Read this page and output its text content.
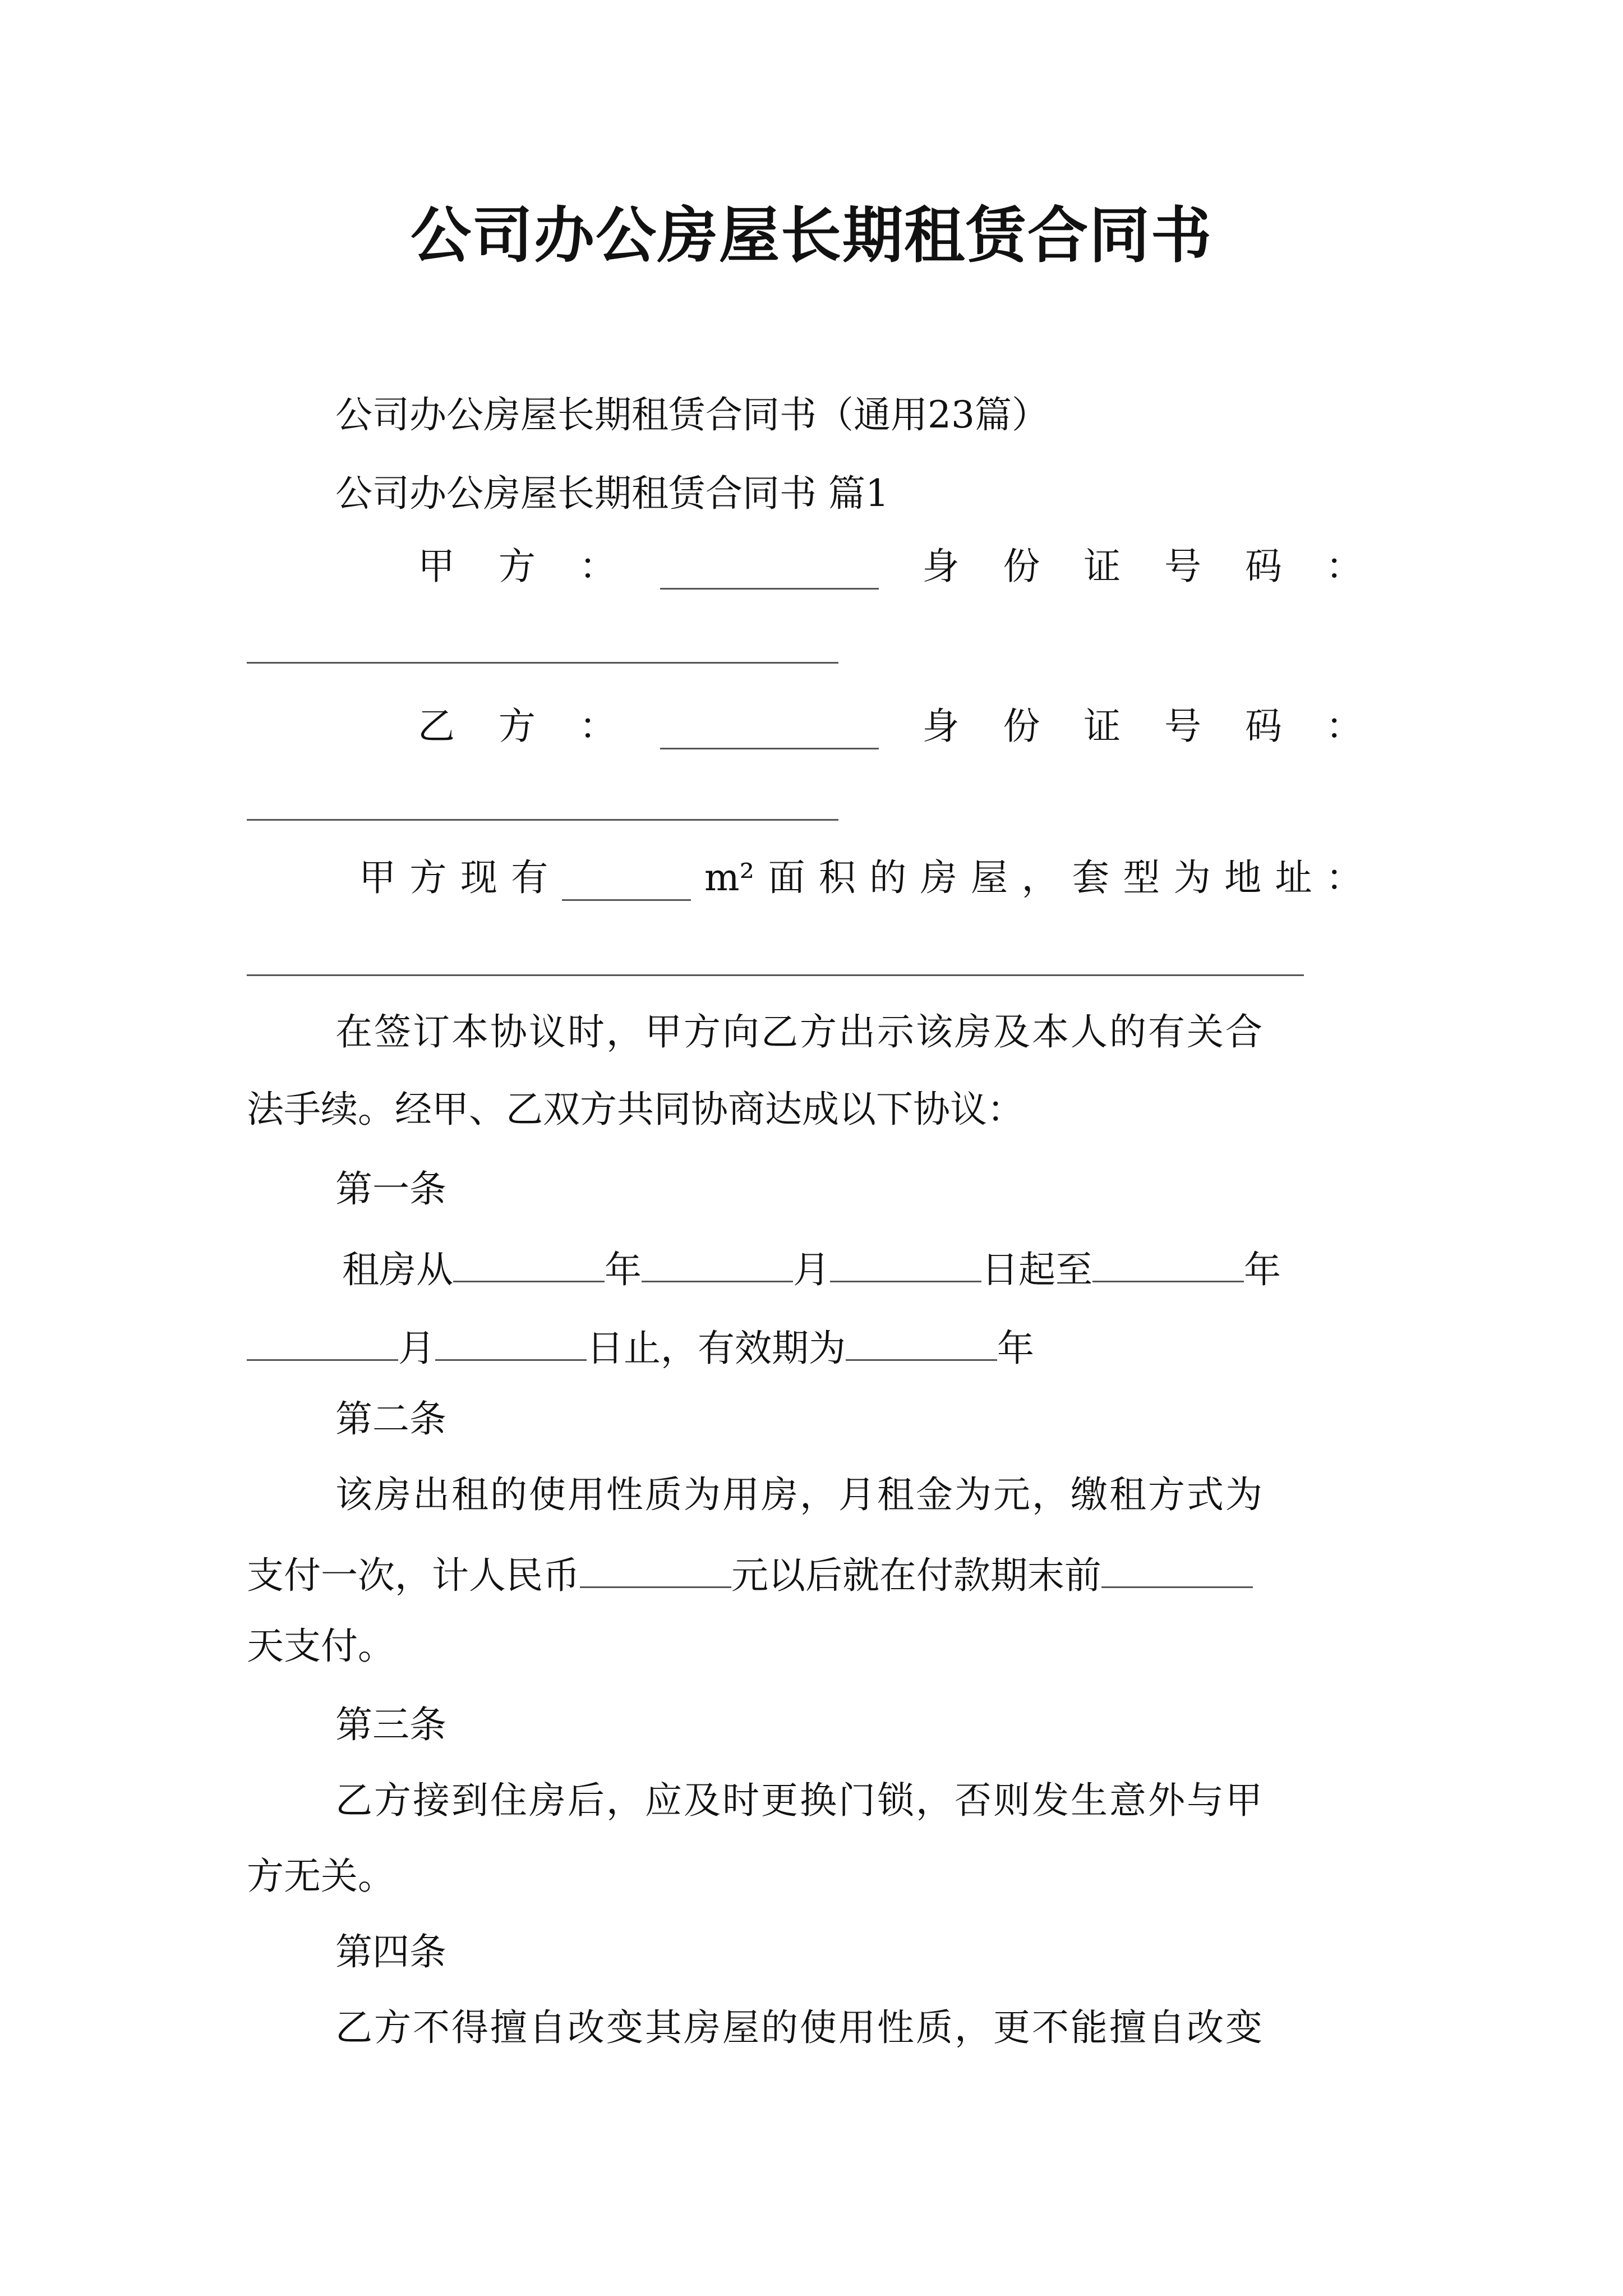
公司办公房屋长期租赁合同书
公司办公房屋长期租赁合同书（通用23篇）
公司办公房屋长期租赁合同书 篇1
甲 方 ：	身 份 证 号 码 ：
乙 方 ：	身 份 证 号 码 ：
甲 方 现 有	m² 面 积 的 房 屋 ， 套 型 为 地 址 ：
在签订本协议时，甲方向乙方出示该房及本人的有关合
法手续。经甲、乙双方共同协商达成以下协议：
第一条
租房从	年	月	日起至	年
月	日止，有效期为	年
第二条
该房出租的使用性质为用房，月租金为元，缴租方式为
支付一次，计人民币	元以后就在付款期末前
天支付。
第三条
乙方接到住房后，应及时更换门锁，否则发生意外与甲
方无关。
第四条
乙方不得擅自改变其房屋的使用性质，更不能擅自改变
